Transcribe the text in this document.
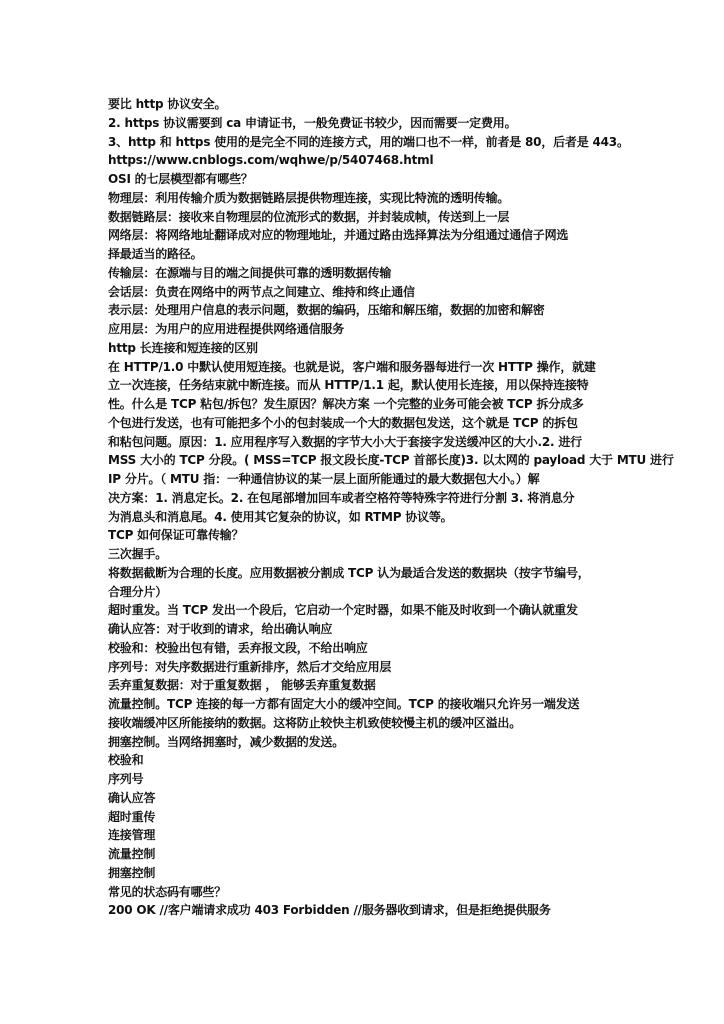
要比 http 协议安全。
2. https 协议需要到 ca 申请证书，一般免费证书较少，因而需要一定费用。
3、http 和 https 使用的是完全不同的连接方式，用的端口也不一样，前者是 80，后者是 443。
https://www.cnblogs.com/wqhwe/p/5407468.html
OSI 的七层模型都有哪些？
物理层：利用传输介质为数据链路层提供物理连接，实现比特流的透明传输。
数据链路层：接收来自物理层的位流形式的数据，并封装成帧，传送到上一层
网络层：将网络地址翻译成对应的物理地址，并通过路由选择算法为分组通过通信子网选
择最适当的路径。
传输层：在源端与目的端之间提供可靠的透明数据传输
会话层：负责在网络中的两节点之间建立、维持和终止通信
表示层：处理用户信息的表示问题，数据的编码，压缩和解压缩，数据的加密和解密
应用层：为用户的应用进程提供网络通信服务
http 长连接和短连接的区别
在 HTTP/1.0 中默认使用短连接。也就是说，客户端和服务器每进行一次 HTTP 操作，就建
立一次连接，任务结束就中断连接。而从 HTTP/1.1 起，默认使用长连接，用以保持连接特
性。什么是 TCP 粘包/拆包？发生原因？解决方案 一个完整的业务可能会被 TCP 拆分成多
个包进行发送，也有可能把多个小的包封装成一个大的数据包发送，这个就是 TCP 的拆包
和粘包问题。原因：1. 应用程序写入数据的字节大小大于套接字发送缓冲区的大小.2. 进行
MSS 大小的 TCP 分段。( MSS=TCP 报文段长度-TCP 首部长度)3. 以太网的 payload 大于 MTU 进行
IP 分片。（ MTU 指：一种通信协议的某一层上面所能通过的最大数据包大小。）解
决方案：1. 消息定长。2. 在包尾部增加回车或者空格符等特殊字符进行分割 3. 将消息分
为消息头和消息尾。4. 使用其它复杂的协议，如 RTMP 协议等。
TCP 如何保证可靠传输？
三次握手。
将数据截断为合理的长度。应用数据被分割成 TCP 认为最适合发送的数据块（按字节编号，
合理分片）
超时重发。当 TCP 发出一个段后，它启动一个定时器，如果不能及时收到一个确认就重发
确认应答：对于收到的请求，给出确认响应
校验和：校验出包有错，丢弃报文段，不给出响应
序列号：对失序数据进行重新排序，然后才交给应用层
丢弃重复数据：对于重复数据 ， 能够丢弃重复数据
流量控制。TCP 连接的每一方都有固定大小的缓冲空间。TCP 的接收端只允许另一端发送
接收端缓冲区所能接纳的数据。这将防止较快主机致使较慢主机的缓冲区溢出。
拥塞控制。当网络拥塞时，减少数据的发送。
校验和
序列号
确认应答
超时重传
连接管理
流量控制
拥塞控制
常见的状态码有哪些？
200 OK //客户端请求成功 403 Forbidden //服务器收到请求，但是拒绝提供服务
